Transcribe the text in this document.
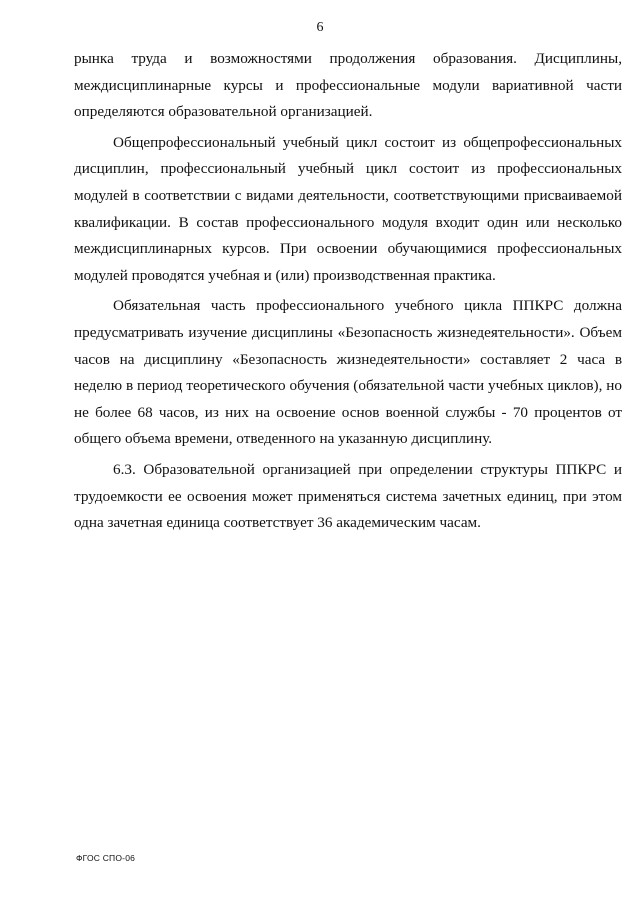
6

рынка труда и возможностями продолжения образования. Дисциплины, междисциплинарные курсы и профессиональные модули вариативной части определяются образовательной организацией.

Общепрофессиональный учебный цикл состоит из общепрофессиональных дисциплин, профессиональный учебный цикл состоит из профессиональных модулей в соответствии с видами деятельности, соответствующими присваиваемой квалификации. В состав профессионального модуля входит один или несколько междисциплинарных курсов. При освоении обучающимися профессиональных модулей проводятся учебная и (или) производственная практика.

Обязательная часть профессионального учебного цикла ППКРС должна предусматривать изучение дисциплины «Безопасность жизнедеятельности». Объем часов на дисциплину «Безопасность жизнедеятельности» составляет 2 часа в неделю в период теоретического обучения (обязательной части учебных циклов), но не более 68 часов, из них на освоение основ военной службы - 70 процентов от общего объема времени, отведенного на указанную дисциплину.

6.3. Образовательной организацией при определении структуры ППКРС и трудоемкости ее освоения может применяться система зачетных единиц, при этом одна зачетная единица соответствует 36 академическим часам.

ФГОС СПО-06
